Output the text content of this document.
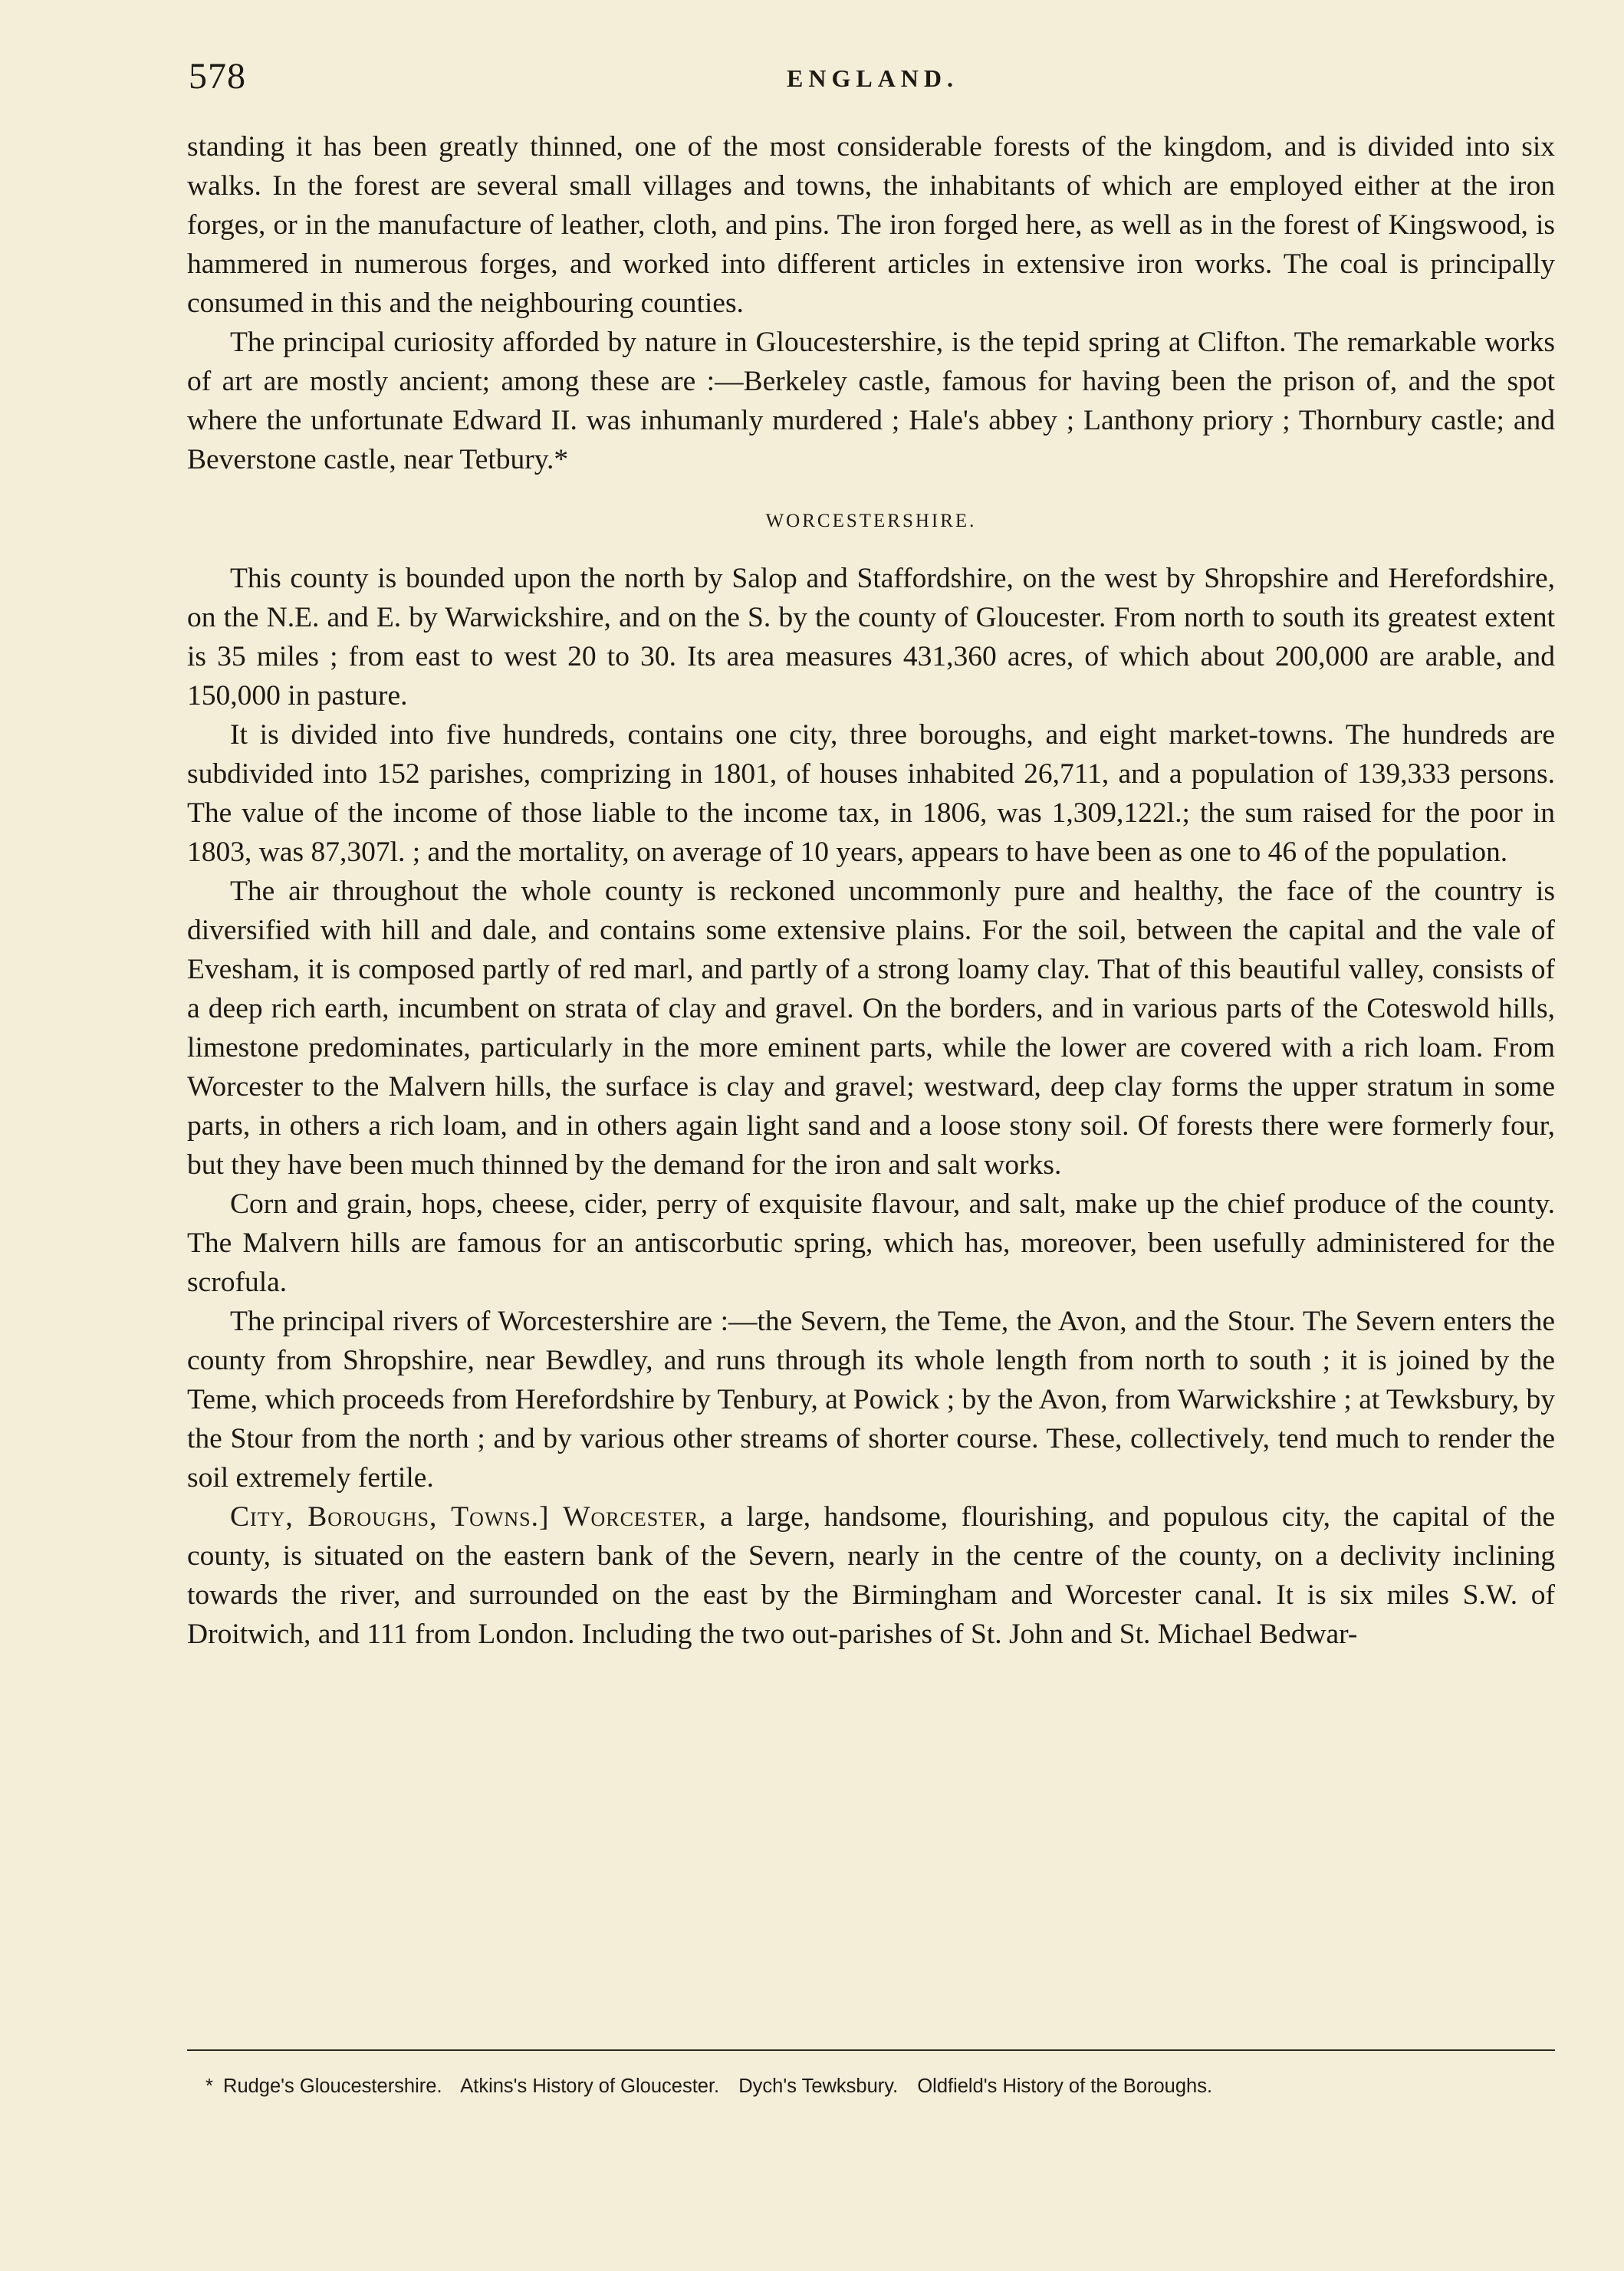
578	ENGLAND.

standing it has been greatly thinned, one of the most considerable forests of the kingdom, and is divided into six walks. In the forest are several small villages and towns, the inhabitants of which are employed either at the iron forges, or in the manufacture of leather, cloth, and pins. The iron forged here, as well as in the forest of Kingswood, is hammered in numerous forges, and worked into different articles in extensive iron works. The coal is principally consumed in this and the neighbouring counties.

The principal curiosity afforded by nature in Gloucestershire, is the tepid spring at Clifton. The remarkable works of art are mostly ancient; among these are :—Berkeley castle, famous for having been the prison of, and the spot where the unfortunate Edward II. was inhumanly murdered ; Hale's abbey ; Lanthony priory ; Thornbury castle; and Beverstone castle, near Tetbury.*

WORCESTERSHIRE.

This county is bounded upon the north by Salop and Staffordshire, on the west by Shropshire and Herefordshire, on the N.E. and E. by Warwickshire, and on the S. by the county of Gloucester. From north to south its greatest extent is 35 miles ; from east to west 20 to 30. Its area measures 431,360 acres, of which about 200,000 are arable, and 150,000 in pasture.

It is divided into five hundreds, contains one city, three boroughs, and eight market-towns. The hundreds are subdivided into 152 parishes, comprizing in 1801, of houses inhabited 26,711, and a population of 139,333 persons. The value of the income of those liable to the income tax, in 1806, was 1,309,122l.; the sum raised for the poor in 1803, was 87,307l. ; and the mortality, on average of 10 years, appears to have been as one to 46 of the population.

The air throughout the whole county is reckoned uncommonly pure and healthy, the face of the country is diversified with hill and dale, and contains some extensive plains. For the soil, between the capital and the vale of Evesham, it is composed partly of red marl, and partly of a strong loamy clay. That of this beautiful valley, consists of a deep rich earth, incumbent on strata of clay and gravel. On the borders, and in various parts of the Coteswold hills, limestone predominates, particularly in the more eminent parts, while the lower are covered with a rich loam. From Worcester to the Malvern hills, the surface is clay and gravel; westward, deep clay forms the upper stratum in some parts, in others a rich loam, and in others again light sand and a loose stony soil. Of forests there were formerly four, but they have been much thinned by the demand for the iron and salt works.

Corn and grain, hops, cheese, cider, perry of exquisite flavour, and salt, make up the chief produce of the county. The Malvern hills are famous for an antiscorbutic spring, which has, moreover, been usefully administered for the scrofula.

The principal rivers of Worcestershire are :—the Severn, the Teme, the Avon, and the Stour. The Severn enters the county from Shropshire, near Bewdley, and runs through its whole length from north to south ; it is joined by the Teme, which proceeds from Herefordshire by Tenbury, at Powick ; by the Avon, from Warwickshire ; at Tewksbury, by the Stour from the north ; and by various other streams of shorter course. These, collectively, tend much to render the soil extremely fertile.

City, Boroughs, Towns.] Worcester, a large, handsome, flourishing, and populous city, the capital of the county, is situated on the eastern bank of the Severn, nearly in the centre of the county, on a declivity inclining towards the river, and surrounded on the east by the Birmingham and Worcester canal. It is six miles S.W. of Droitwich, and 111 from London. Including the two out-parishes of St. John and St. Michael Bedwar-

* Rudge's Gloucestershire. Atkins's History of Gloucester. Dych's Tewksbury. Oldfield's History of the Boroughs.
